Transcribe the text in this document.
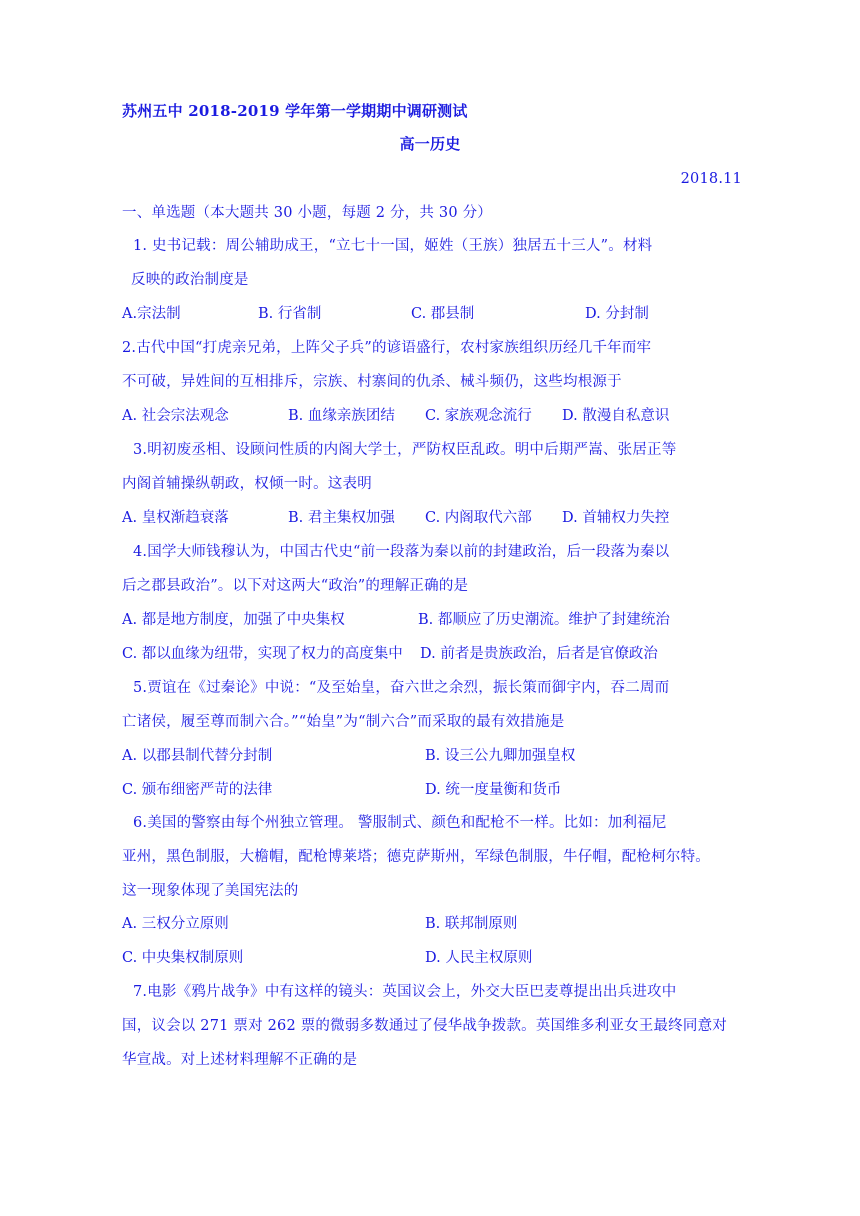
苏州五中 2018-2019 学年第一学期期中调研测试
高一历史
2018.11
一、单选题（本大题共 30 小题，每题 2 分，共 30 分）
1. 史书记载：周公辅助成王，“立七十一国，姬姓（王族）独居五十三人”。材料
反映的政治制度是
A.宗法制	B. 行省制	C. 郡县制	D. 分封制
2.古代中国“打虎亲兄弟，上阵父子兵”的谚语盛行，农村家族组织历经几千年而牢
不可破，异姓间的互相排斥，宗族、村寨间的仇杀、械斗频仍，这些均根源于
A. 社会宗法观念	B. 血缘亲族团结 C. 家族观念流行 D. 散漫自私意识
3.明初废丞相、设顾问性质的内阁大学士，严防权臣乱政。明中后期严嵩、张居正等
内阁首辅操纵朝政，权倾一时。这表明
A. 皇权渐趋衰落	B. 君主集权加强 C. 内阁取代六部 D. 首辅权力失控
4.国学大师钱穆认为，中国古代史“前一段落为秦以前的封建政治，后一段落为秦以
后之郡县政治”。以下对这两大“政治”的理解正确的是
A. 都是地方制度，加强了中央集权	B. 都顺应了历史潮流。维护了封建统治
C. 都以血缘为纽带，实现了权力的高度集中 D. 前者是贵族政治，后者是官僚政治
5.贾谊在《过秦论》中说：“及至始皇，奋六世之余烈，振长策而御宇内，吞二周而
亡诸侯，履至尊而制六合。”“始皇”为“制六合”而采取的最有效措施是
A. 以郡县制代替分封制	B. 设三公九卿加强皇权
C. 颁布细密严苛的法律	D. 统一度量衡和货币
6.美国的警察由每个州独立管理。 警服制式、颜色和配枪不一样。比如：加利福尼
亚州，黑色制服，大檐帽，配枪博莱塔；德克萨斯州，军绿色制服，牛仔帽，配枪柯尔特。
这一现象体现了美国宪法的
A. 三权分立原则	B. 联邦制原则
C. 中央集权制原则	D. 人民主权原则
7.电影《鸦片战争》中有这样的镜头：英国议会上，外交大臣巴麦尊提出出兵进攻中
国，议会以 271 票对 262 票的微弱多数通过了侵华战争拨款。英国维多利亚女王最终同意对
华宣战。对上述材料理解不正确的是
